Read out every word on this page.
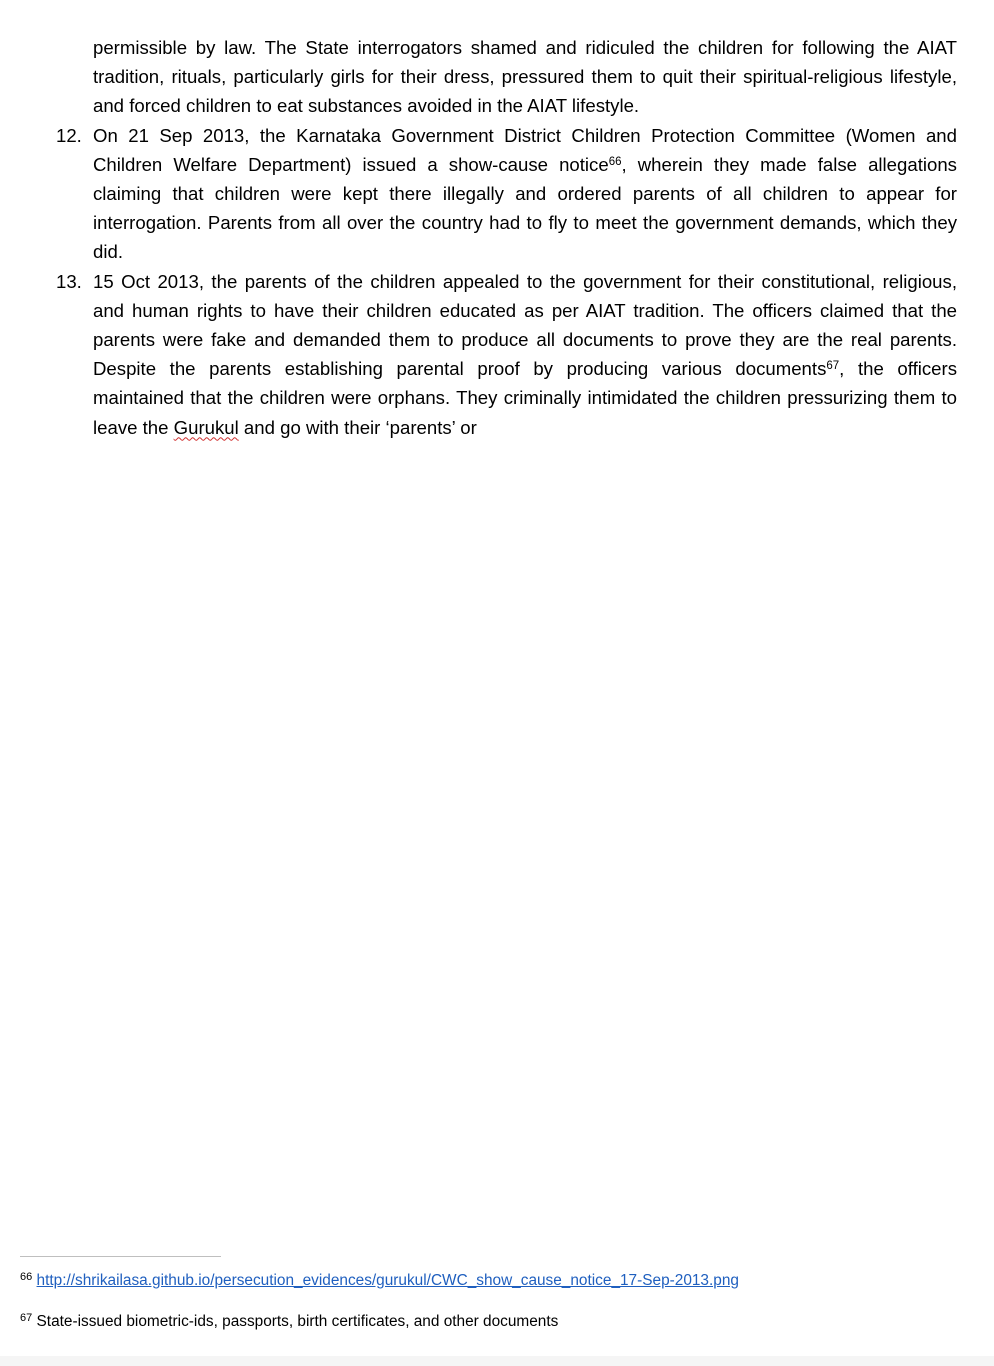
permissible by law. The State interrogators shamed and ridiculed the children for following the AIAT tradition, rituals, particularly girls for their dress, pressured them to quit their spiritual-religious lifestyle, and forced children to eat substances avoided in the AIAT lifestyle.

12. On 21 Sep 2013, the Karnataka Government District Children Protection Committee (Women and Children Welfare Department) issued a show-cause notice$^{66}$, wherein they made false allegations claiming that children were kept there illegally and ordered parents of all children to appear for interrogation. Parents from all over the country had to fly to meet the government demands, which they did.

13. 15 Oct 2013, the parents of the children appealed to the government for their constitutional, religious, and human rights to have their children educated as per AIAT tradition. The officers claimed that the parents were fake and demanded them to produce all documents to prove they are the real parents. Despite the parents establishing parental proof by producing various documents$^{67}$, the officers maintained that the children were orphans. They criminally intimidated the children pressurizing them to leave the Gurukul and go with their ‘parents’ or

$^{66}$ http://shrikailasa.github.io/persecution_evidences/gurukul/CWC_show_cause_notice_17-Sep-2013.png

$^{67}$ State-issued biometric-ids, passports, birth certificates, and other documents
